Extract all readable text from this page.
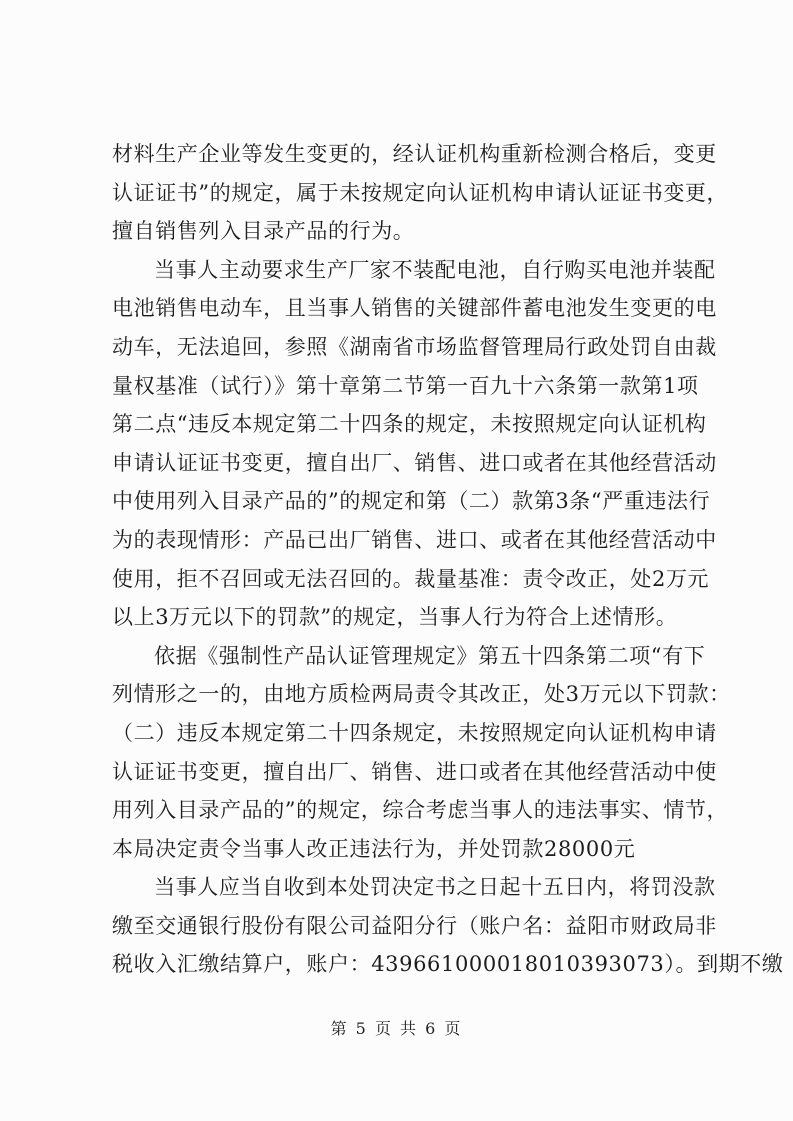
材料生产企业等发生变更的，经认证机构重新检测合格后，变更
认证证书”的规定，属于未按规定向认证机构申请认证证书变更，
擅自销售列入目录产品的行为。
当事人主动要求生产厂家不装配电池，自行购买电池并装配
电池销售电动车，且当事人销售的关键部件蓄电池发生变更的电
动车，无法追回，参照《湖南省市场监督管理局行政处罚自由裁
量权基准（试行）》第十章第二节第一百九十六条第一款第1项
第二点“违反本规定第二十四条的规定，未按照规定向认证机构
申请认证证书变更，擅自出厂、销售、进口或者在其他经营活动
中使用列入目录产品的”的规定和第（二）款第3条“严重违法行
为的表现情形：产品已出厂销售、进口、或者在其他经营活动中
使用，拒不召回或无法召回的。裁量基准：责令改正，处2万元
以上3万元以下的罚款”的规定，当事人行为符合上述情形。
依据《强制性产品认证管理规定》第五十四条第二项“有下
列情形之一的，由地方质检两局责令其改正，处3万元以下罚款：
（二）违反本规定第二十四条规定，未按照规定向认证机构申请
认证证书变更，擅自出厂、销售、进口或者在其他经营活动中使
用列入目录产品的”的规定，综合考虑当事人的违法事实、情节，
本局决定责令当事人改正违法行为，并处罚款28000元
当事人应当自收到本处罚决定书之日起十五日内，将罚没款
缴至交通银行股份有限公司益阳分行（账户名：益阳市财政局非
税收入汇缴结算户，账户：439661000018010393073）。到期不缴
第 5 页 共 6 页
